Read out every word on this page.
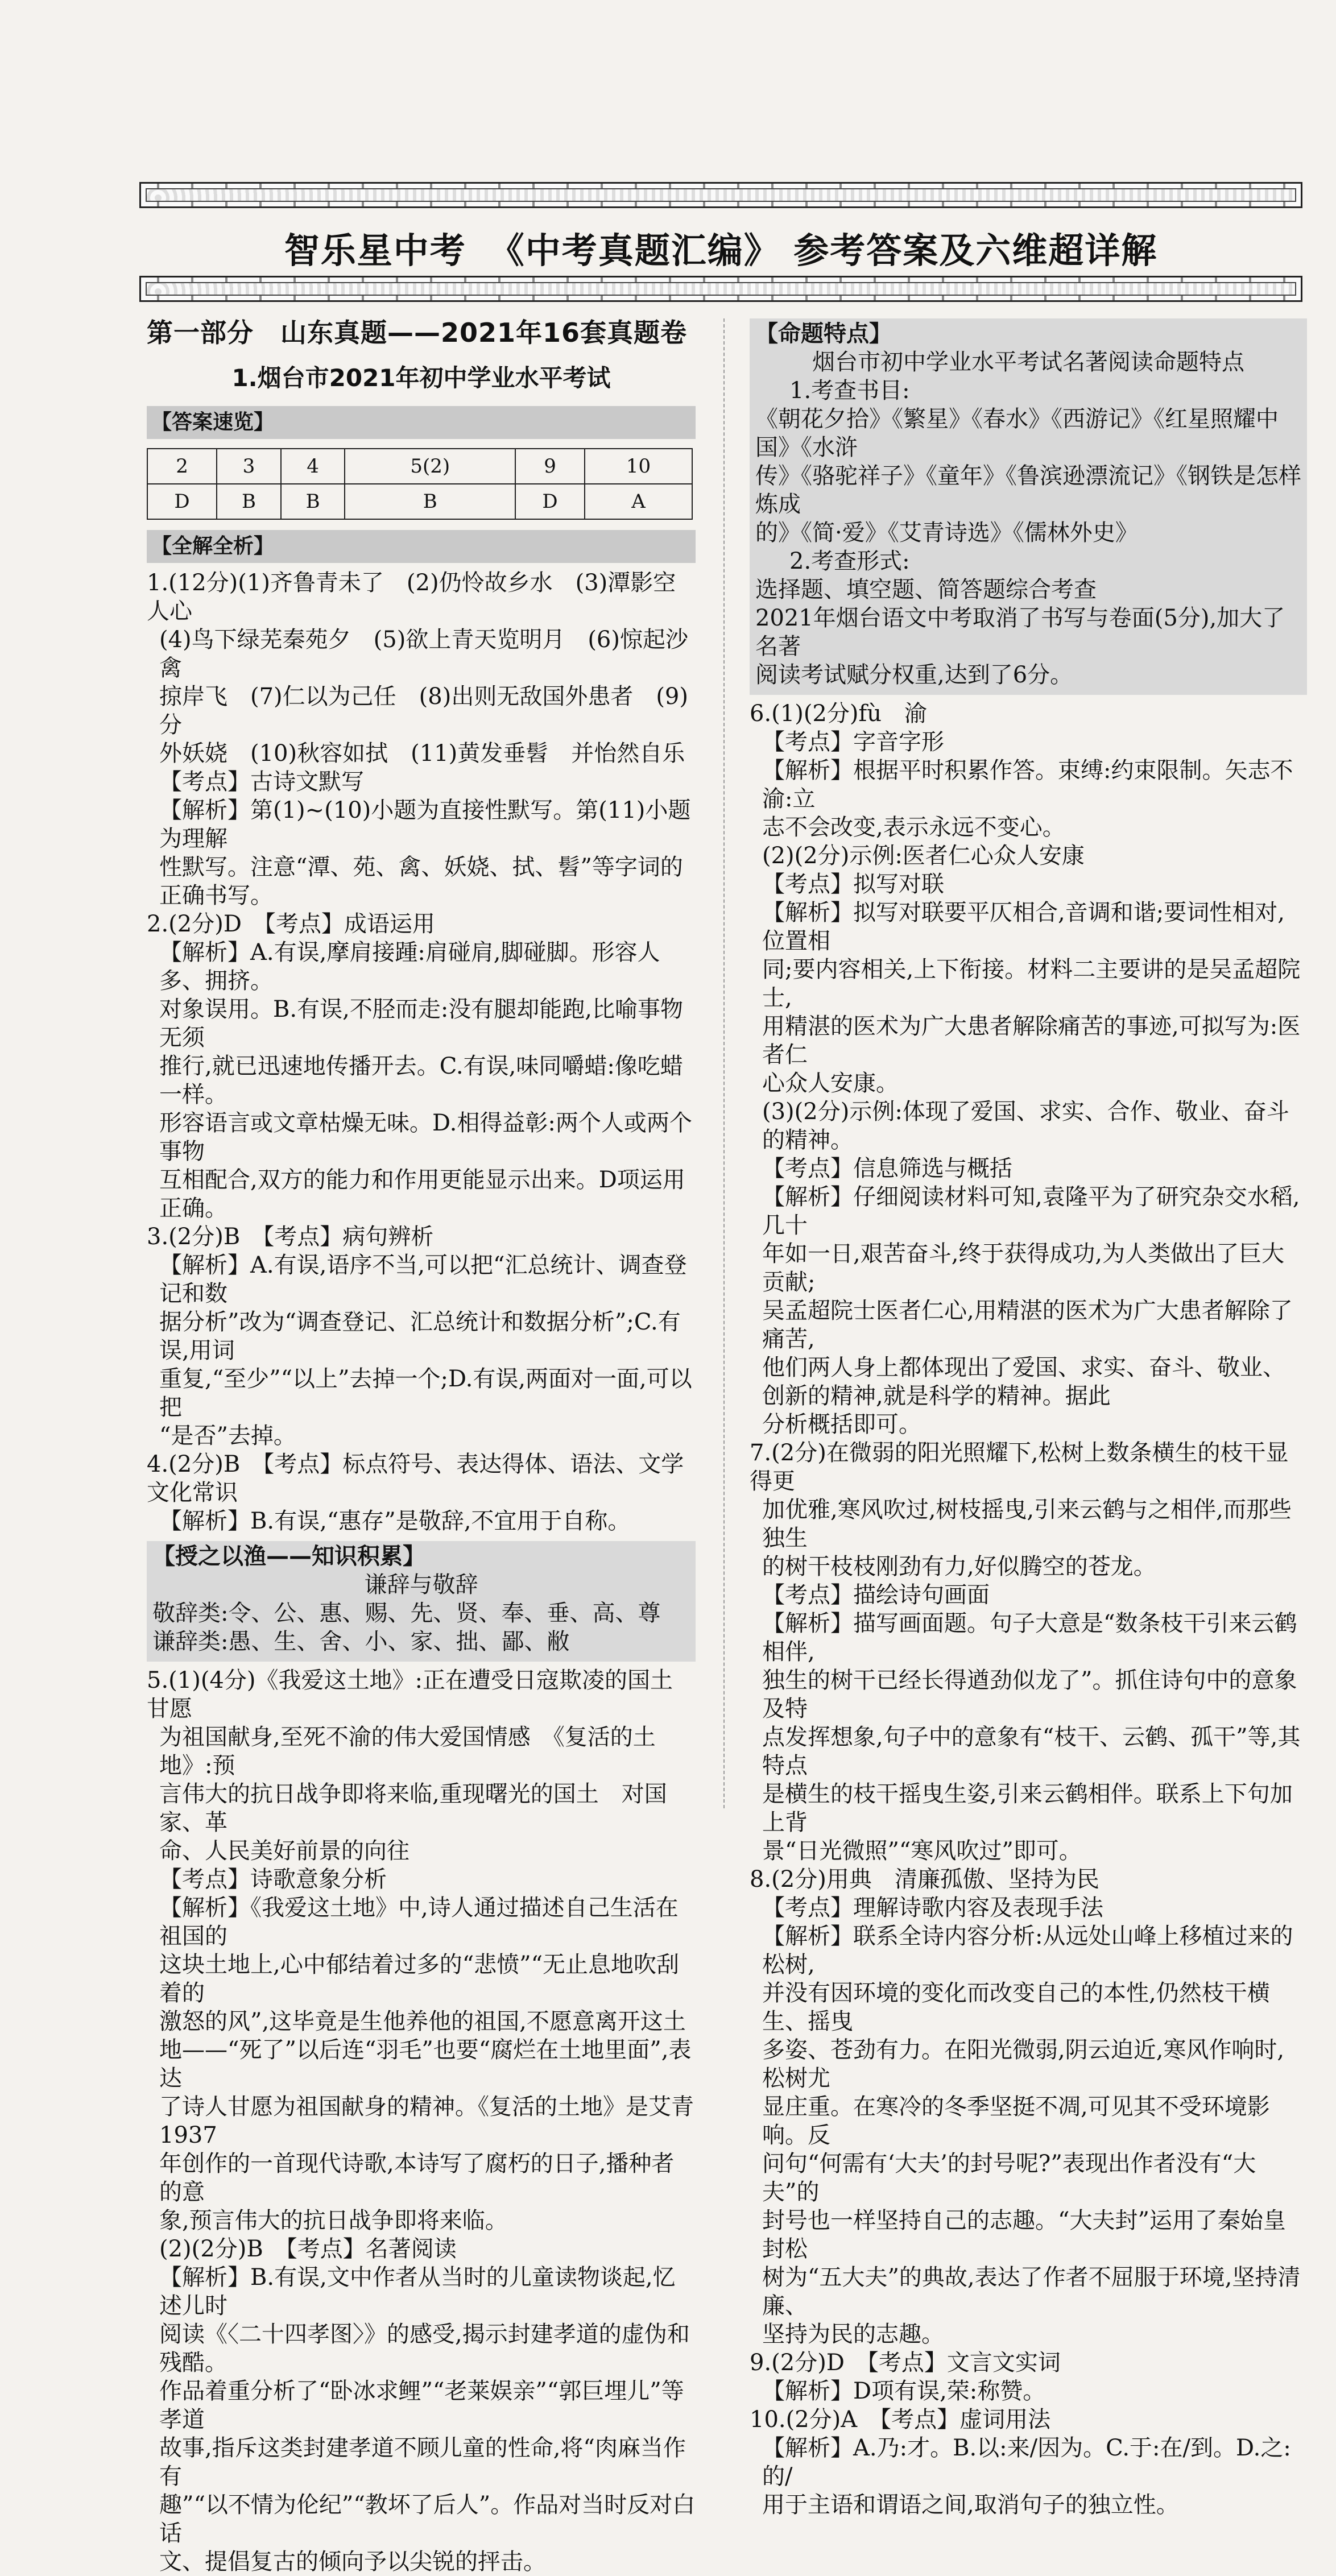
智乐星中考 《中考真题汇编》 参考答案及六维超详解
第一部分　山东真题——2021年16套真题卷
1.烟台市2021年初中学业水平考试
【答案速览】
2	3	4	5(2)	9	10
D	B	B	B	D	A
【全解全析】

1.(12分)(1)齐鲁青未了　(2)仍怜故乡水　(3)潭影空人心

(4)鸟下绿芜秦苑夕　(5)欲上青天览明月　(6)惊起沙禽

掠岸飞　(7)仁以为己任　(8)出则无敌国外患者　(9)分

外妖娆　(10)秋容如拭　(11)黄发垂髫　并怡然自乐

【考点】古诗文默写

【解析】第(1)~(10)小题为直接性默写。第(11)小题为理解

性默写。注意“潭、苑、禽、妖娆、拭、髫”等字词的正确书写。

2.(2分)D　【考点】成语运用

【解析】A.有误,摩肩接踵:肩碰肩,脚碰脚。形容人多、拥挤。

对象误用。B.有误,不胫而走:没有腿却能跑,比喻事物无须

推行,就已迅速地传播开去。C.有误,味同嚼蜡:像吃蜡一样。

形容语言或文章枯燥无味。D.相得益彰:两个人或两个事物

互相配合,双方的能力和作用更能显示出来。D项运用正确。

3.(2分)B　【考点】病句辨析

【解析】A.有误,语序不当,可以把“汇总统计、调查登记和数

据分析”改为“调查登记、汇总统计和数据分析”;C.有误,用词

重复,“至少”“以上”去掉一个;D.有误,两面对一面,可以把

“是否”去掉。

4.(2分)B　【考点】标点符号、表达得体、语法、文学文化常识

【解析】B.有误,“惠存”是敬辞,不宜用于自称。

【授之以渔——知识积累】

谦辞与敬辞

敬辞类:令、公、惠、赐、先、贤、奉、垂、高、尊

谦辞类:愚、生、舍、小、家、拙、鄙、敝

5.(1)(4分)《我爱这土地》:正在遭受日寇欺凌的国土　甘愿

为祖国献身,至死不渝的伟大爱国情感　《复活的土地》:预

言伟大的抗日战争即将来临,重现曙光的国土　对国家、革

命、人民美好前景的向往

【考点】诗歌意象分析

【解析】《我爱这土地》中,诗人通过描述自己生活在祖国的

这块土地上,心中郁结着过多的“悲愤”“无止息地吹刮着的

激怒的风”,这毕竟是生他养他的祖国,不愿意离开这土

地——“死了”以后连“羽毛”也要“腐烂在土地里面”,表达

了诗人甘愿为祖国献身的精神。《复活的土地》是艾青1937

年创作的一首现代诗歌,本诗写了腐朽的日子,播种者的意

象,预言伟大的抗日战争即将来临。

(2)(2分)B　【考点】名著阅读

【解析】B.有误,文中作者从当时的儿童读物谈起,忆述儿时

阅读《〈二十四孝图〉》的感受,揭示封建孝道的虚伪和残酷。

作品着重分析了“卧冰求鲤”“老莱娱亲”“郭巨埋儿”等孝道

故事,指斥这类封建孝道不顾儿童的性命,将“肉麻当作有

趣”“以不情为伦纪”“教坏了后人”。作品对当时反对白话

文、提倡复古的倾向予以尖锐的抨击。

【命题特点】

烟台市初中学业水平考试名著阅读命题特点

1.考查书目:

《朝花夕拾》《繁星》《春水》《西游记》《红星照耀中国》《水浒

传》《骆驼祥子》《童年》《鲁滨逊漂流记》《钢铁是怎样炼成

的》《简·爱》《艾青诗选》《儒林外史》

2.考查形式:

选择题、填空题、简答题综合考查

2021年烟台语文中考取消了书写与卷面(5分),加大了名著

阅读考试赋分权重,达到了6分。

6.(1)(2分)fù　渝

【考点】字音字形

【解析】根据平时积累作答。束缚:约束限制。矢志不渝:立

志不会改变,表示永远不变心。

(2)(2分)示例:医者仁心众人安康

【考点】拟写对联

【解析】拟写对联要平仄相合,音调和谐;要词性相对,位置相

同;要内容相关,上下衔接。材料二主要讲的是吴孟超院士,

用精湛的医术为广大患者解除痛苦的事迹,可拟写为:医者仁

心众人安康。

(3)(2分)示例:体现了爱国、求实、合作、敬业、奋斗的精神。

【考点】信息筛选与概括

【解析】仔细阅读材料可知,袁隆平为了研究杂交水稻,几十

年如一日,艰苦奋斗,终于获得成功,为人类做出了巨大贡献;

吴孟超院士医者仁心,用精湛的医术为广大患者解除了痛苦,

他们两人身上都体现出了爱国、求实、奋斗、敬业、创新的精神,就是科学的精神。据此

分析概括即可。

7.(2分)在微弱的阳光照耀下,松树上数条横生的枝干显得更

加优雅,寒风吹过,树枝摇曳,引来云鹤与之相伴,而那些独生

的树干枝枝刚劲有力,好似腾空的苍龙。

【考点】描绘诗句画面

【解析】描写画面题。句子大意是“数条枝干引来云鹤相伴,

独生的树干已经长得遒劲似龙了”。抓住诗句中的意象及特

点发挥想象,句子中的意象有“枝干、云鹤、孤干”等,其特点

是横生的枝干摇曳生姿,引来云鹤相伴。联系上下句加上背

景“日光微照”“寒风吹过”即可。

8.(2分)用典　清廉孤傲、坚持为民

【考点】理解诗歌内容及表现手法

【解析】联系全诗内容分析:从远处山峰上移植过来的松树,

并没有因环境的变化而改变自己的本性,仍然枝干横生、摇曳

多姿、苍劲有力。在阳光微弱,阴云迫近,寒风作响时,松树尤

显庄重。在寒冷的冬季坚挺不凋,可见其不受环境影响。反

问句“何需有‘大夫’的封号呢?”表现出作者没有“大夫”的

封号也一样坚持自己的志趣。“大夫封”运用了秦始皇封松

树为“五大夫”的典故,表达了作者不屈服于环境,坚持清廉、

坚持为民的志趣。

9.(2分)D　【考点】文言文实词

【解析】D项有误,荣:称赞。

10.(2分)A　【考点】虚词用法

【解析】A.乃:才。B.以:来/因为。C.于:在/到。D.之:的/

用于主语和谓语之间,取消句子的独立性。
